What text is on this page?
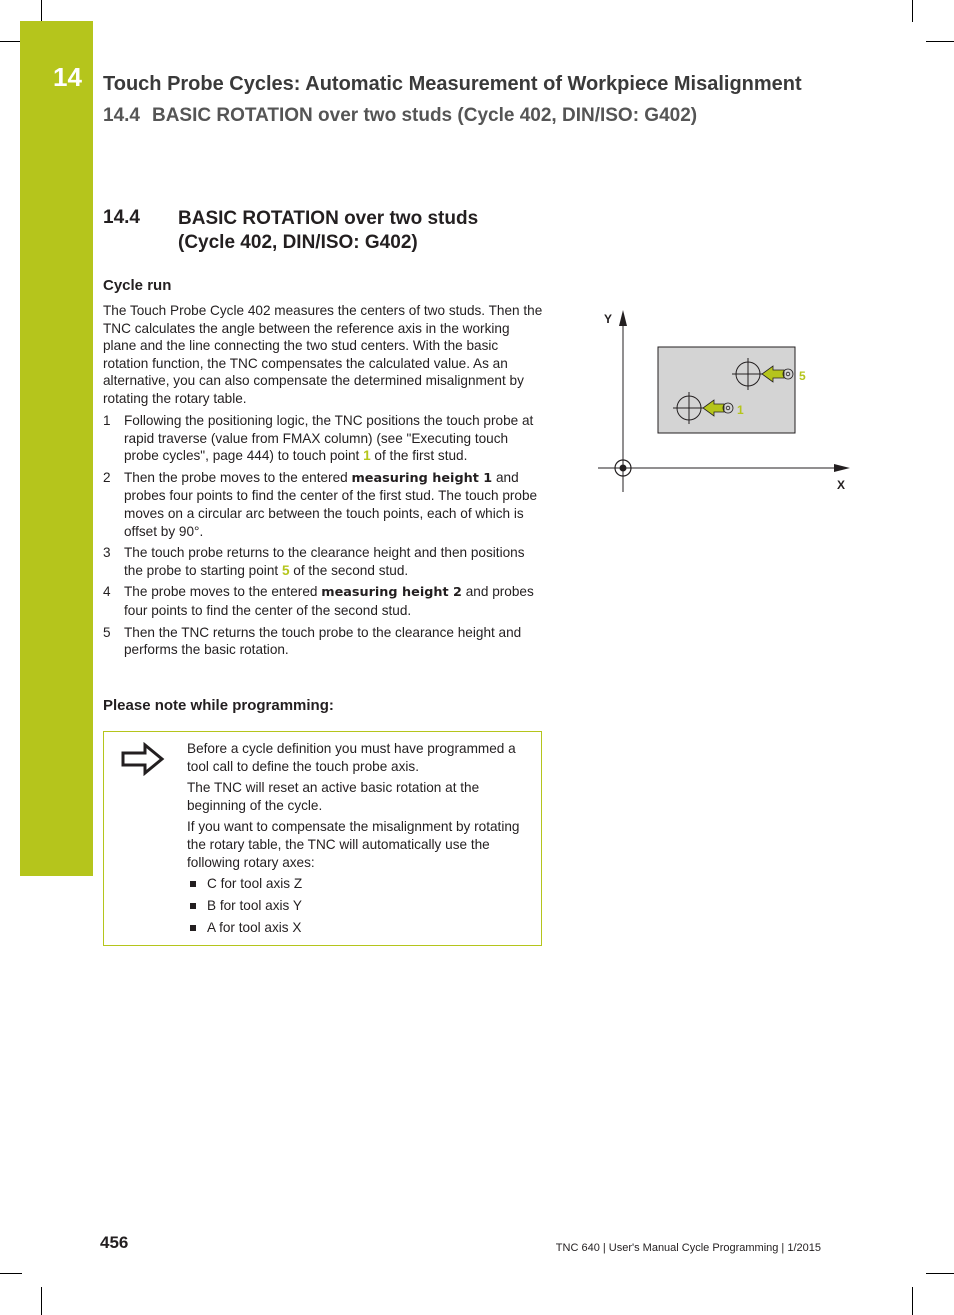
14 Touch Probe Cycles: Automatic Measurement of Workpiece Misalignment
14.4 BASIC ROTATION over two studs (Cycle 402, DIN/ISO: G402)
14.4 BASIC ROTATION over two studs
(Cycle 402, DIN/ISO: G402)
Cycle run

The Touch Probe Cycle 402 measures the centers of two studs. Then the TNC calculates the angle between the reference axis in the working plane and the line connecting the two stud centers. With the basic rotation function, the TNC compensates the calculated value. As an alternative, you can also compensate the determined misalignment by rotating the rotary table.

1 Following the positioning logic, the TNC positions the touch probe at rapid traverse (value from FMAX column) (see "Executing touch probe cycles", page 444) to touch point 1 of the first stud.
2 Then the probe moves to the entered measuring height 1 and probes four points to find the center of the first stud. The touch probe moves on a circular arc between the touch points, each of which is offset by 90°.
3 The touch probe returns to the clearance height and then positions the probe to starting point 5 of the second stud.
4 The probe moves to the entered measuring height 2 and probes four points to find the center of the second stud.
5 Then the TNC returns the touch probe to the clearance height and performs the basic rotation.
Please note while programming:

Before a cycle definition you must have programmed a tool call to define the touch probe axis.

The TNC will reset an active basic rotation at the beginning of the cycle.

If you want to compensate the misalignment by rotating the rotary table, the TNC will automatically use the following rotary axes:

C for tool axis Z
B for tool axis Y
A for tool axis X
Y
X
5
1
456	TNC 640 | User's Manual Cycle Programming | 1/2015
